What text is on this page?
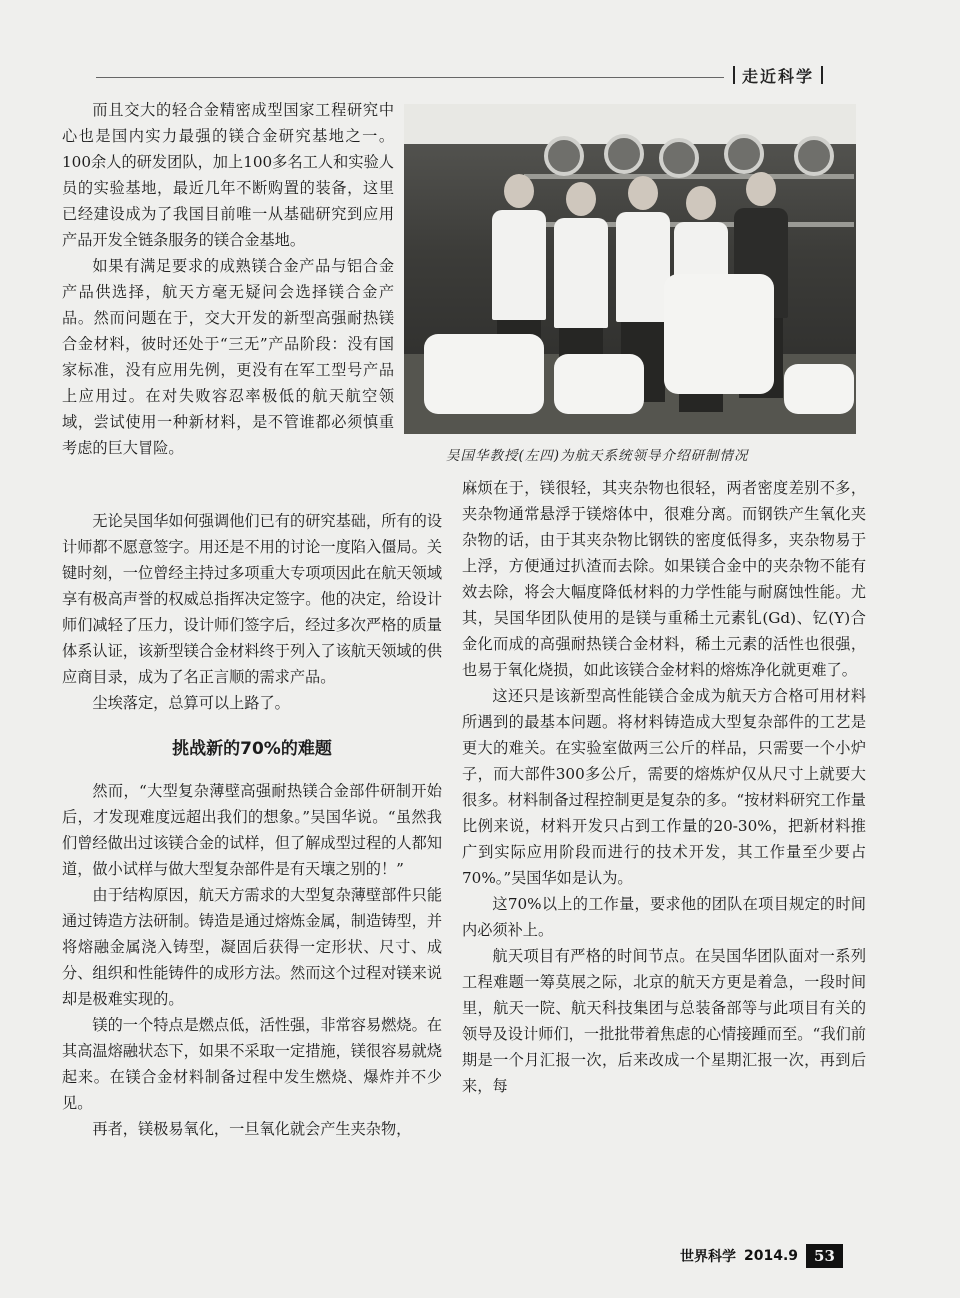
走近科学

而且交大的轻合金精密成型国家工程研究中心也是国内实力最强的镁合金研究基地之一。100余人的研发团队，加上100多名工人和实验人员的实验基地，最近几年不断购置的装备，这里已经建设成为了我国目前唯一从基础研究到应用产品开发全链条服务的镁合金基地。

如果有满足要求的成熟镁合金产品与铝合金产品供选择，航天方毫无疑问会选择镁合金产品。然而问题在于，交大开发的新型高强耐热镁合金材料，彼时还处于“三无”产品阶段：没有国家标准，没有应用先例，更没有在军工型号产品上应用过。在对失败容忍率极低的航天航空领域，尝试使用一种新材料，是不管谁都必须慎重考虑的巨大冒险。	吴国华教授(左四)为航天系统领导介绍研制情况

无论吴国华如何强调他们已有的研究基础，所有的设计师都不愿意签字。用还是不用的讨论一度陷入僵局。关键时刻，一位曾经主持过多项重大专项项因此在航天领域享有极高声誉的权威总指挥决定签字。他的决定，给设计师们减轻了压力，设计师们签字后，经过多次严格的质量体系认证，该新型镁合金材料终于列入了该航天领域的供应商目录，成为了名正言顺的需求产品。

尘埃落定，总算可以上路了。

挑战新的70%的难题

然而，“大型复杂薄壁高强耐热镁合金部件研制开始后，才发现难度远超出我们的想象。”吴国华说。“虽然我们曾经做出过该镁合金的试样，但了解成型过程的人都知道，做小试样与做大型复杂部件是有天壤之别的！”

由于结构原因，航天方需求的大型复杂薄壁部件只能通过铸造方法研制。铸造是通过熔炼金属，制造铸型，并将熔融金属浇入铸型，凝固后获得一定形状、尺寸、成分、组织和性能铸件的成形方法。然而这个过程对镁来说却是极难实现的。

镁的一个特点是燃点低，活性强，非常容易燃烧。在其高温熔融状态下，如果不采取一定措施，镁很容易就烧起来。在镁合金材料制备过程中发生燃烧、爆炸并不少见。

再者，镁极易氧化，一旦氧化就会产生夹杂物，

麻烦在于，镁很轻，其夹杂物也很轻，两者密度差别不多，夹杂物通常悬浮于镁熔体中，很难分离。而钢铁产生氧化夹杂物的话，由于其夹杂物比钢铁的密度低得多，夹杂物易于上浮，方便通过扒渣而去除。如果镁合金中的夹杂物不能有效去除，将会大幅度降低材料的力学性能与耐腐蚀性能。尤其，吴国华团队使用的是镁与重稀土元素钆(Gd)、钇(Y)合金化而成的高强耐热镁合金材料，稀土元素的活性也很强，也易于氧化烧损，如此该镁合金材料的熔炼净化就更难了。

这还只是该新型高性能镁合金成为航天方合格可用材料所遇到的最基本问题。将材料铸造成大型复杂部件的工艺是更大的难关。在实验室做两三公斤的样品，只需要一个小炉子，而大部件300多公斤，需要的熔炼炉仅从尺寸上就要大很多。材料制备过程控制更是复杂的多。“按材料研究工作量比例来说，材料开发只占到工作量的20-30%，把新材料推广到实际应用阶段而进行的技术开发，其工作量至少要占70%。”吴国华如是认为。

这70%以上的工作量，要求他的团队在项目规定的时间内必须补上。

航天项目有严格的时间节点。在吴国华团队面对一系列工程难题一筹莫展之际，北京的航天方更是着急，一段时间里，航天一院、航天科技集团与总装备部等与此项目有关的领导及设计师们，一批批带着焦虑的心情接踵而至。“我们前期是一个月汇报一次，后来改成一个星期汇报一次，再到后来，每

世界科学 2014.9	53
